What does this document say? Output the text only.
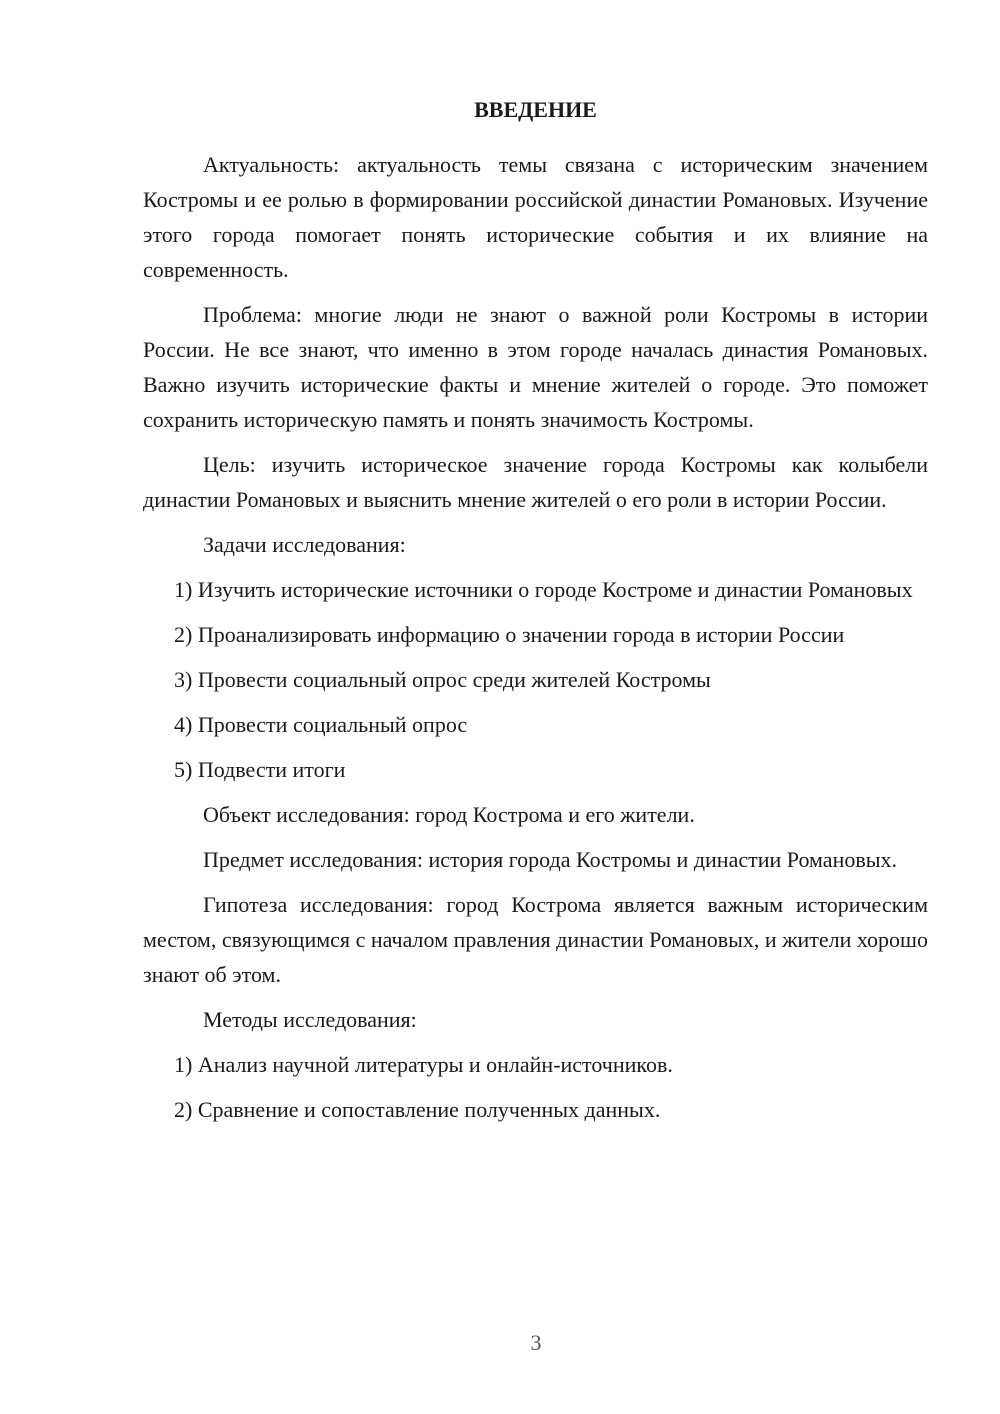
ВВЕДЕНИЕ
Актуальность: актуальность темы связана с историческим значением Костромы и ее ролью в формировании российской династии Романовых. Изучение этого города помогает понять исторические события и их влияние на современность.
Проблема: многие люди не знают о важной роли Костромы в истории России. Не все знают, что именно в этом городе началась династия Романовых. Важно изучить исторические факты и мнение жителей о городе. Это поможет сохранить историческую память и понять значимость Костромы.
Цель: изучить историческое значение города Костромы как колыбели династии Романовых и выяснить мнение жителей о его роли в истории России.
Задачи исследования:
1) Изучить исторические источники о городе Костроме и династии Романовых
2) Проанализировать информацию о значении города в истории России
3) Провести социальный опрос среди жителей Костромы
4) Провести социальный опрос
5) Подвести итоги
Объект исследования: город Кострома и его жители.
Предмет исследования: история города Костромы и династии Романовых.
Гипотеза исследования: город Кострома является важным историческим местом, связующимся с началом правления династии Романовых, и жители хорошо знают об этом.
Методы исследования:
1) Анализ научной литературы и онлайн-источников.
2) Сравнение и сопоставление полученных данных.
3
